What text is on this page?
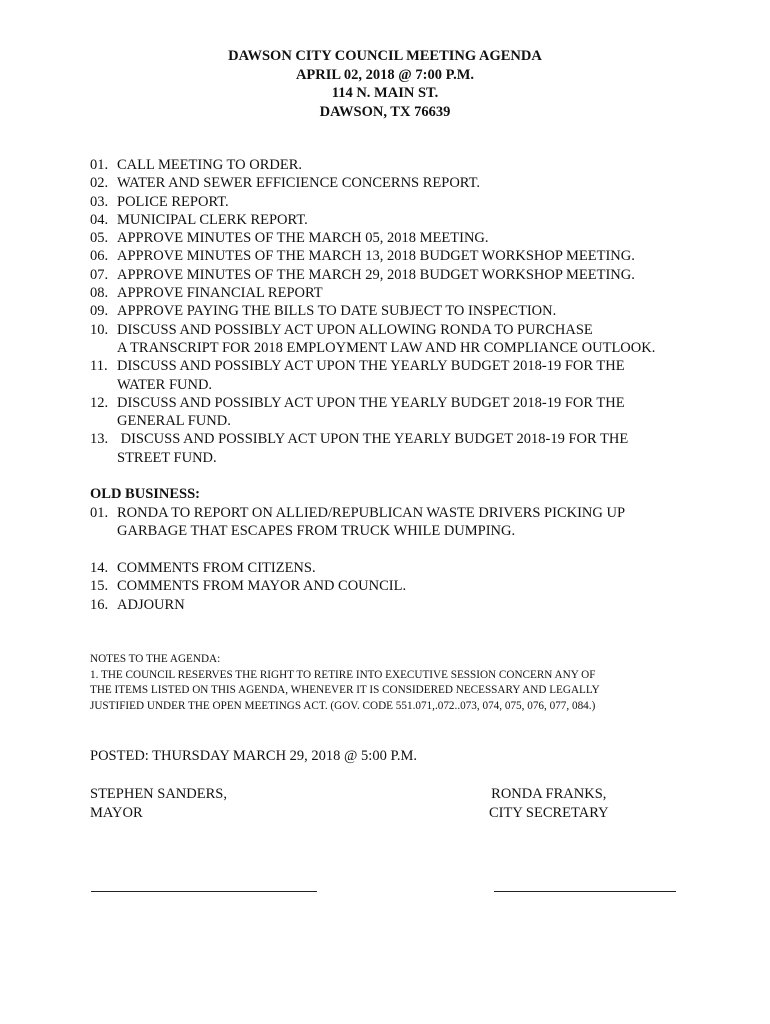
DAWSON CITY COUNCIL MEETING AGENDA
APRIL 02, 2018 @ 7:00 P.M.
114 N. MAIN ST.
DAWSON, TX 76639
01. CALL MEETING TO ORDER.
02. WATER AND SEWER EFFICIENCE CONCERNS REPORT.
03. POLICE REPORT.
04. MUNICIPAL CLERK REPORT.
05. APPROVE MINUTES OF THE MARCH 05, 2018 MEETING.
06. APPROVE MINUTES OF THE MARCH 13, 2018 BUDGET WORKSHOP MEETING.
07. APPROVE MINUTES OF THE MARCH 29, 2018 BUDGET WORKSHOP MEETING.
08. APPROVE FINANCIAL REPORT
09. APPROVE PAYING THE BILLS TO DATE SUBJECT TO INSPECTION.
10. DISCUSS AND POSSIBLY ACT UPON ALLOWING RONDA TO PURCHASE
A TRANSCRIPT FOR 2018 EMPLOYMENT LAW AND HR COMPLIANCE OUTLOOK.
11. DISCUSS AND POSSIBLY ACT UPON THE YEARLY BUDGET 2018-19 FOR THE
WATER FUND.
12. DISCUSS AND POSSIBLY ACT UPON THE YEARLY BUDGET 2018-19 FOR THE
GENERAL FUND.
13. DISCUSS AND POSSIBLY ACT UPON THE YEARLY BUDGET 2018-19 FOR THE
STREET FUND.
OLD BUSINESS:
01. RONDA TO REPORT ON ALLIED/REPUBLICAN WASTE DRIVERS PICKING UP
GARBAGE THAT ESCAPES FROM TRUCK WHILE DUMPING.
14. COMMENTS FROM CITIZENS.
15. COMMENTS FROM MAYOR AND COUNCIL.
16. ADJOURN
NOTES TO THE AGENDA:
1. THE COUNCIL RESERVES THE RIGHT TO RETIRE INTO EXECUTIVE SESSION CONCERN ANY OF
THE ITEMS LISTED ON THIS AGENDA, WHENEVER IT IS CONSIDERED NECESSARY AND LEGALLY
JUSTIFIED UNDER THE OPEN MEETINGS ACT. (GOV. CODE 551.071,.072..073, 074, 075, 076, 077, 084.)
POSTED: THURSDAY MARCH 29, 2018 @ 5:00 P.M.
STEPHEN SANDERS,
MAYOR
RONDA FRANKS,
CITY SECRETARY
